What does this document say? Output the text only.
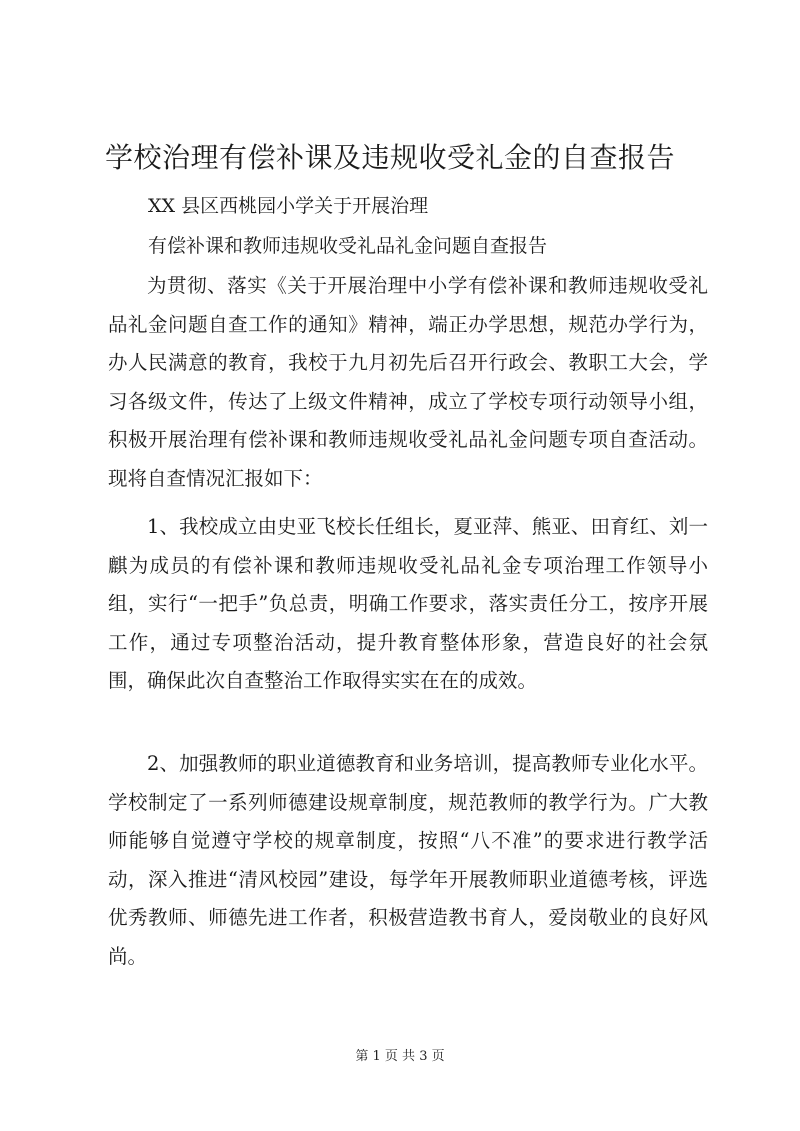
学校治理有偿补课及违规收受礼金的自查报告

XX 县区西桃园小学关于开展治理

有偿补课和教师违规收受礼品礼金问题自查报告

为贯彻、落实《关于开展治理中小学有偿补课和教师违规收受礼品礼金问题自查工作的通知》精神，端正办学思想，规范办学行为，办人民满意的教育，我校于九月初先后召开行政会、教职工大会，学习各级文件，传达了上级文件精神，成立了学校专项行动领导小组，积极开展治理有偿补课和教师违规收受礼品礼金问题专项自查活动。现将自查情况汇报如下：

1、我校成立由史亚飞校长任组长，夏亚萍、熊亚、田育红、刘一麒为成员的有偿补课和教师违规收受礼品礼金专项治理工作领导小组，实行“一把手”负总责，明确工作要求，落实责任分工，按序开展工作，通过专项整治活动，提升教育整体形象，营造良好的社会氛围，确保此次自查整治工作取得实实在在的成效。

2、加强教师的职业道德教育和业务培训，提高教师专业化水平。学校制定了一系列师德建设规章制度，规范教师的教学行为。广大教师能够自觉遵守学校的规章制度，按照“八不准”的要求进行教学活动，深入推进“清风校园”建设，每学年开展教师职业道德考核，评选优秀教师、师德先进工作者，积极营造教书育人，爱岗敬业的良好风尚。

第 1 页 共 3 页
